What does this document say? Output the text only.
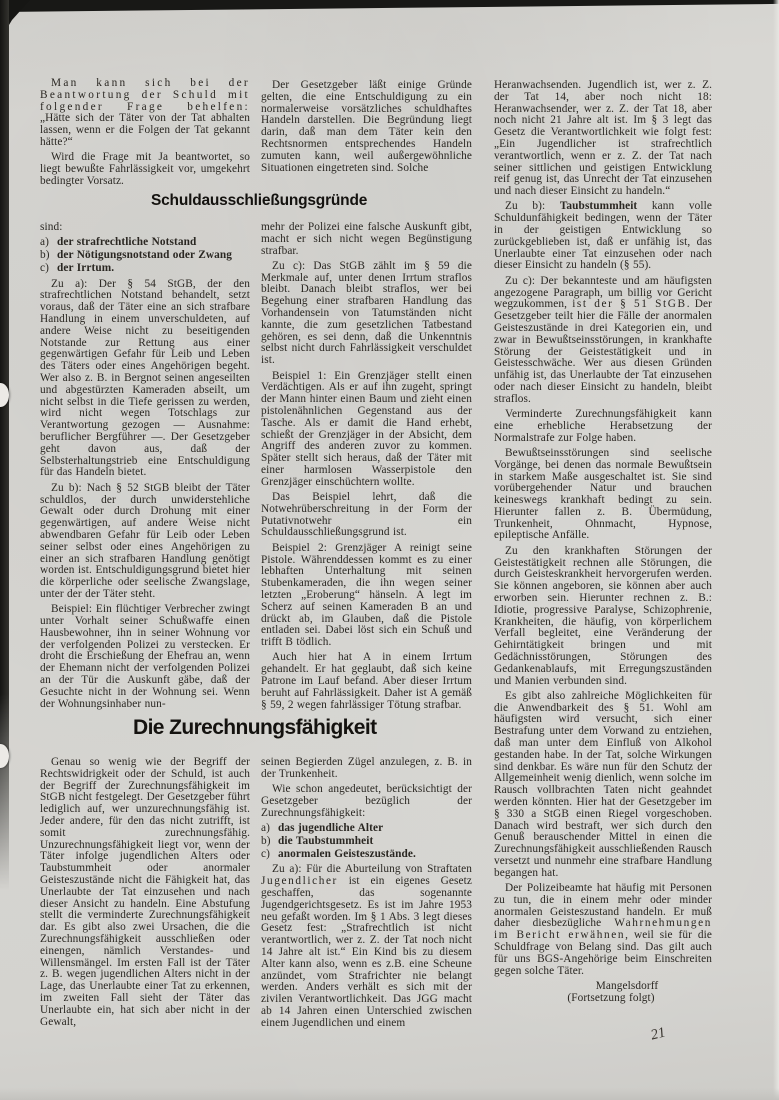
Man kann sich bei der Beantwortung der Schuld mit folgender Frage behelfen: „Hätte sich der Täter von der Tat abhalten lassen, wenn er die Folgen der Tat gekannt hätte?“

Wird die Frage mit Ja beantwortet, so liegt bewußte Fahrlässigkeit vor, umgekehrt bedingter Vorsatz.

Der Gesetzgeber läßt einige Gründe gelten, die eine Entschuldigung zu ein normalerweise vorsätzliches schuldhaftes Handeln darstellen. Die Begründung liegt darin, daß man dem Täter kein den Rechtsnormen entsprechendes Handeln zumuten kann, weil außergewöhnliche Situationen eingetreten sind. Solche

Heranwachsenden. Jugendlich ist, wer z. Z. der Tat 14, aber noch nicht 18: Heranwachsender, wer z. Z. der Tat 18, aber noch nicht 21 Jahre alt ist. Im § 3 legt das Gesetz die Verantwortlichkeit wie folgt fest: „Ein Jugendlicher ist strafrechtlich verantwortlich, wenn er z. Z. der Tat nach seiner sittlichen und geistigen Entwicklung reif genug ist, das Unrecht der Tat einzusehen und nach dieser Einsicht zu handeln.“

Zu b): Taubstummheit kann volle Schuldunfähigkeit bedingen, wenn der Täter in der geistigen Entwicklung so zurückgeblieben ist, daß er unfähig ist, das Unerlaubte einer Tat einzusehen oder nach dieser Einsicht zu handeln (§ 55).

Zu c): Der bekannteste und am häufigsten angezogene Paragraph, um billig vor Gericht wegzukommen, ist der § 51 StGB. Der Gesetzgeber teilt hier die Fälle der anormalen Geisteszustände in drei Kategorien ein, und zwar in Bewußtseinsstörungen, in krankhafte Störung der Geistestätigkeit und in Geistesschwäche. Wer aus diesen Gründen unfähig ist, das Unerlaubte der Tat einzusehen oder nach dieser Einsicht zu handeln, bleibt straflos.

Verminderte Zurechnungsfähigkeit kann eine erhebliche Herabsetzung der Normalstrafe zur Folge haben.

Bewußtseinsstörungen sind seelische Vorgänge, bei denen das normale Bewußtsein in starkem Maße ausgeschaltet ist. Sie sind vorübergehender Natur und brauchen keineswegs krankhaft bedingt zu sein. Hierunter fallen z. B. Übermüdung, Trunkenheit, Ohnmacht, Hypnose, epileptische Anfälle.

Zu den krankhaften Störungen der Geistestätigkeit rechnen alle Störungen, die durch Geisteskrankheit hervorgerufen werden. Sie können angeboren, sie können aber auch erworben sein. Hierunter rechnen z. B.: Idiotie, progressive Paralyse, Schizophrenie, Krankheiten, die häufig, von körperlichem Verfall begleitet, eine Veränderung der Gehirntätigkeit bringen und mit Gedächnisstörungen, Störungen des Gedankenablaufs, mit Erregungszuständen und Manien verbunden sind.

Es gibt also zahlreiche Möglichkeiten für die Anwendbarkeit des § 51. Wohl am häufigsten wird versucht, sich einer Bestrafung unter dem Vorwand zu entziehen, daß man unter dem Einfluß von Alkohol gestanden habe. In der Tat, solche Wirkungen sind denkbar. Es wäre nun für den Schutz der Allgemeinheit wenig dienlich, wenn solche im Rausch vollbrachten Taten nicht geahndet werden könnten. Hier hat der Gesetzgeber im § 330 a StGB einen Riegel vorgeschoben. Danach wird bestraft, wer sich durch den Genuß berauschender Mittel in einen die Zurechnungsfähigkeit ausschließenden Rausch versetzt und nunmehr eine strafbare Handlung begangen hat.

Der Polizeibeamte hat häufig mit Personen zu tun, die in einem mehr oder minder anormalen Geisteszustand handeln. Er muß daher diesbezügliche Wahrnehmungen im Bericht erwähnen, weil sie für die Schuldfrage von Belang sind. Das gilt auch für uns BGS-Angehörige beim Einschreiten gegen solche Täter.

Mangelsdorff

(Fortsetzung folgt)

Schuldausschließungsgründe

sind:

a) der strafrechtliche Notstand
b) der Nötigungsnotstand oder Zwang
c) der Irrtum.

Zu a): Der § 54 StGB, der den strafrechtlichen Notstand behandelt, setzt voraus, daß der Täter eine an sich strafbare Handlung in einem unverschuldeten, auf andere Weise nicht zu beseitigenden Notstande zur Rettung aus einer gegenwärtigen Gefahr für Leib und Leben des Täters oder eines Angehörigen begeht. Wer also z. B. in Bergnot seinen angeseilten und abgestürzten Kameraden abseilt, um nicht selbst in die Tiefe gerissen zu werden, wird nicht wegen Totschlags zur Verantwortung gezogen — Ausnahme: beruflicher Bergführer —. Der Gesetzgeber geht davon aus, daß der Selbsterhaltungstrieb eine Entschuldigung für das Handeln bietet.

Zu b): Nach § 52 StGB bleibt der Täter schuldlos, der durch unwiderstehliche Gewalt oder durch Drohung mit einer gegenwärtigen, auf andere Weise nicht abwendbaren Gefahr für Leib oder Leben seiner selbst oder eines Angehörigen zu einer an sich strafbaren Handlung genötigt worden ist. Entschuldigungsgrund bietet hier die körperliche oder seelische Zwangslage, unter der der Täter steht.

Beispiel: Ein flüchtiger Verbrecher zwingt unter Vorhalt seiner Schußwaffe einen Hausbewohner, ihn in seiner Wohnung vor der verfolgenden Polizei zu verstecken. Er droht die Erschießung der Ehefrau an, wenn der Ehemann nicht der verfolgenden Polizei an der Tür die Auskunft gäbe, daß der Gesuchte nicht in der Wohnung sei. Wenn der Wohnungsinhaber nun-

mehr der Polizei eine falsche Auskunft gibt, macht er sich nicht wegen Begünstigung strafbar.

Zu c): Das StGB zählt im § 59 die Merkmale auf, unter denen Irrtum straflos bleibt. Danach bleibt straflos, wer bei Begehung einer strafbaren Handlung das Vorhandensein von Tatumständen nicht kannte, die zum gesetzlichen Tatbestand gehören, es sei denn, daß die Unkenntnis selbst nicht durch Fahrlässigkeit verschuldet ist.

Beispiel 1: Ein Grenzjäger stellt einen Verdächtigen. Als er auf ihn zugeht, springt der Mann hinter einen Baum und zieht einen pistolenähnlichen Gegenstand aus der Tasche. Als er damit die Hand erhebt, schießt der Grenzjäger in der Absicht, dem Angriff des anderen zuvor zu kommen. Später stellt sich heraus, daß der Täter mit einer harmlosen Wasserpistole den Grenzjäger einschüchtern wollte.

Das Beispiel lehrt, daß die Notwehrüberschreitung in der Form der Putativnotwehr ein Schuldausschließungsgrund ist.

Beispiel 2: Grenzjäger A reinigt seine Pistole. Währenddessen kommt es zu einer lebhaften Unterhaltung mit seinen Stubenkameraden, die ihn wegen seiner letzten „Eroberung“ hänseln. A legt im Scherz auf seinen Kameraden B an und drückt ab, im Glauben, daß die Pistole entladen sei. Dabei löst sich ein Schuß und trifft B tödlich.

Auch hier hat A in einem Irrtum gehandelt. Er hat geglaubt, daß sich keine Patrone im Lauf befand. Aber dieser Irrtum beruht auf Fahrlässigkeit. Daher ist A gemäß § 59, 2 wegen fahrlässiger Tötung strafbar.

Die Zurechnungsfähigkeit

Genau so wenig wie der Begriff der Rechtswidrigkeit oder der Schuld, ist auch der Begriff der Zurechnungsfähigkeit im StGB nicht festgelegt. Der Gesetzgeber führt lediglich auf, wer unzurechnungsfähig ist. Jeder andere, für den das nicht zutrifft, ist somit zurechnungsfähig. Unzurechnungsfähigkeit liegt vor, wenn der Täter infolge jugendlichen Alters oder Taubstummheit oder anormaler Geisteszustände nicht die Fähigkeit hat, das Unerlaubte der Tat einzusehen und nach dieser Ansicht zu handeln. Eine Abstufung stellt die verminderte Zurechnungsfähigkeit dar. Es gibt also zwei Ursachen, die die Zurechnungsfähigkeit ausschließen oder einengen, nämlich Verstandes- und Willensmängel. Im ersten Fall ist der Täter z. B. wegen jugendlichen Alters nicht in der Lage, das Unerlaubte einer Tat zu erkennen, im zweiten Fall sieht der Täter das Unerlaubte ein, hat sich aber nicht in der Gewalt,

seinen Begierden Zügel anzulegen, z. B. in der Trunkenheit.

Wie schon angedeutet, berücksichtigt der Gesetzgeber bezüglich der Zurechnungsfähigkeit:

a) das jugendliche Alter
b) die Taubstummheit
c) anormalen Geisteszustände.

Zu a): Für die Aburteilung von Straftaten Jugendlicher ist ein eigenes Gesetz geschaffen, das sogenannte Jugendgerichtsgesetz. Es ist im Jahre 1953 neu gefaßt worden. Im § 1 Abs. 3 legt dieses Gesetz fest: „Strafrechtlich ist nicht verantwortlich, wer z. Z. der Tat noch nicht 14 Jahre alt ist.“ Ein Kind bis zu diesem Alter kann also, wenn es z.B. eine Scheune anzündet, vom Strafrichter nie belangt werden. Anders verhält es sich mit der zivilen Verantwortlichkeit. Das JGG macht ab 14 Jahren einen Unterschied zwischen einem Jugendlichen und einem

21
